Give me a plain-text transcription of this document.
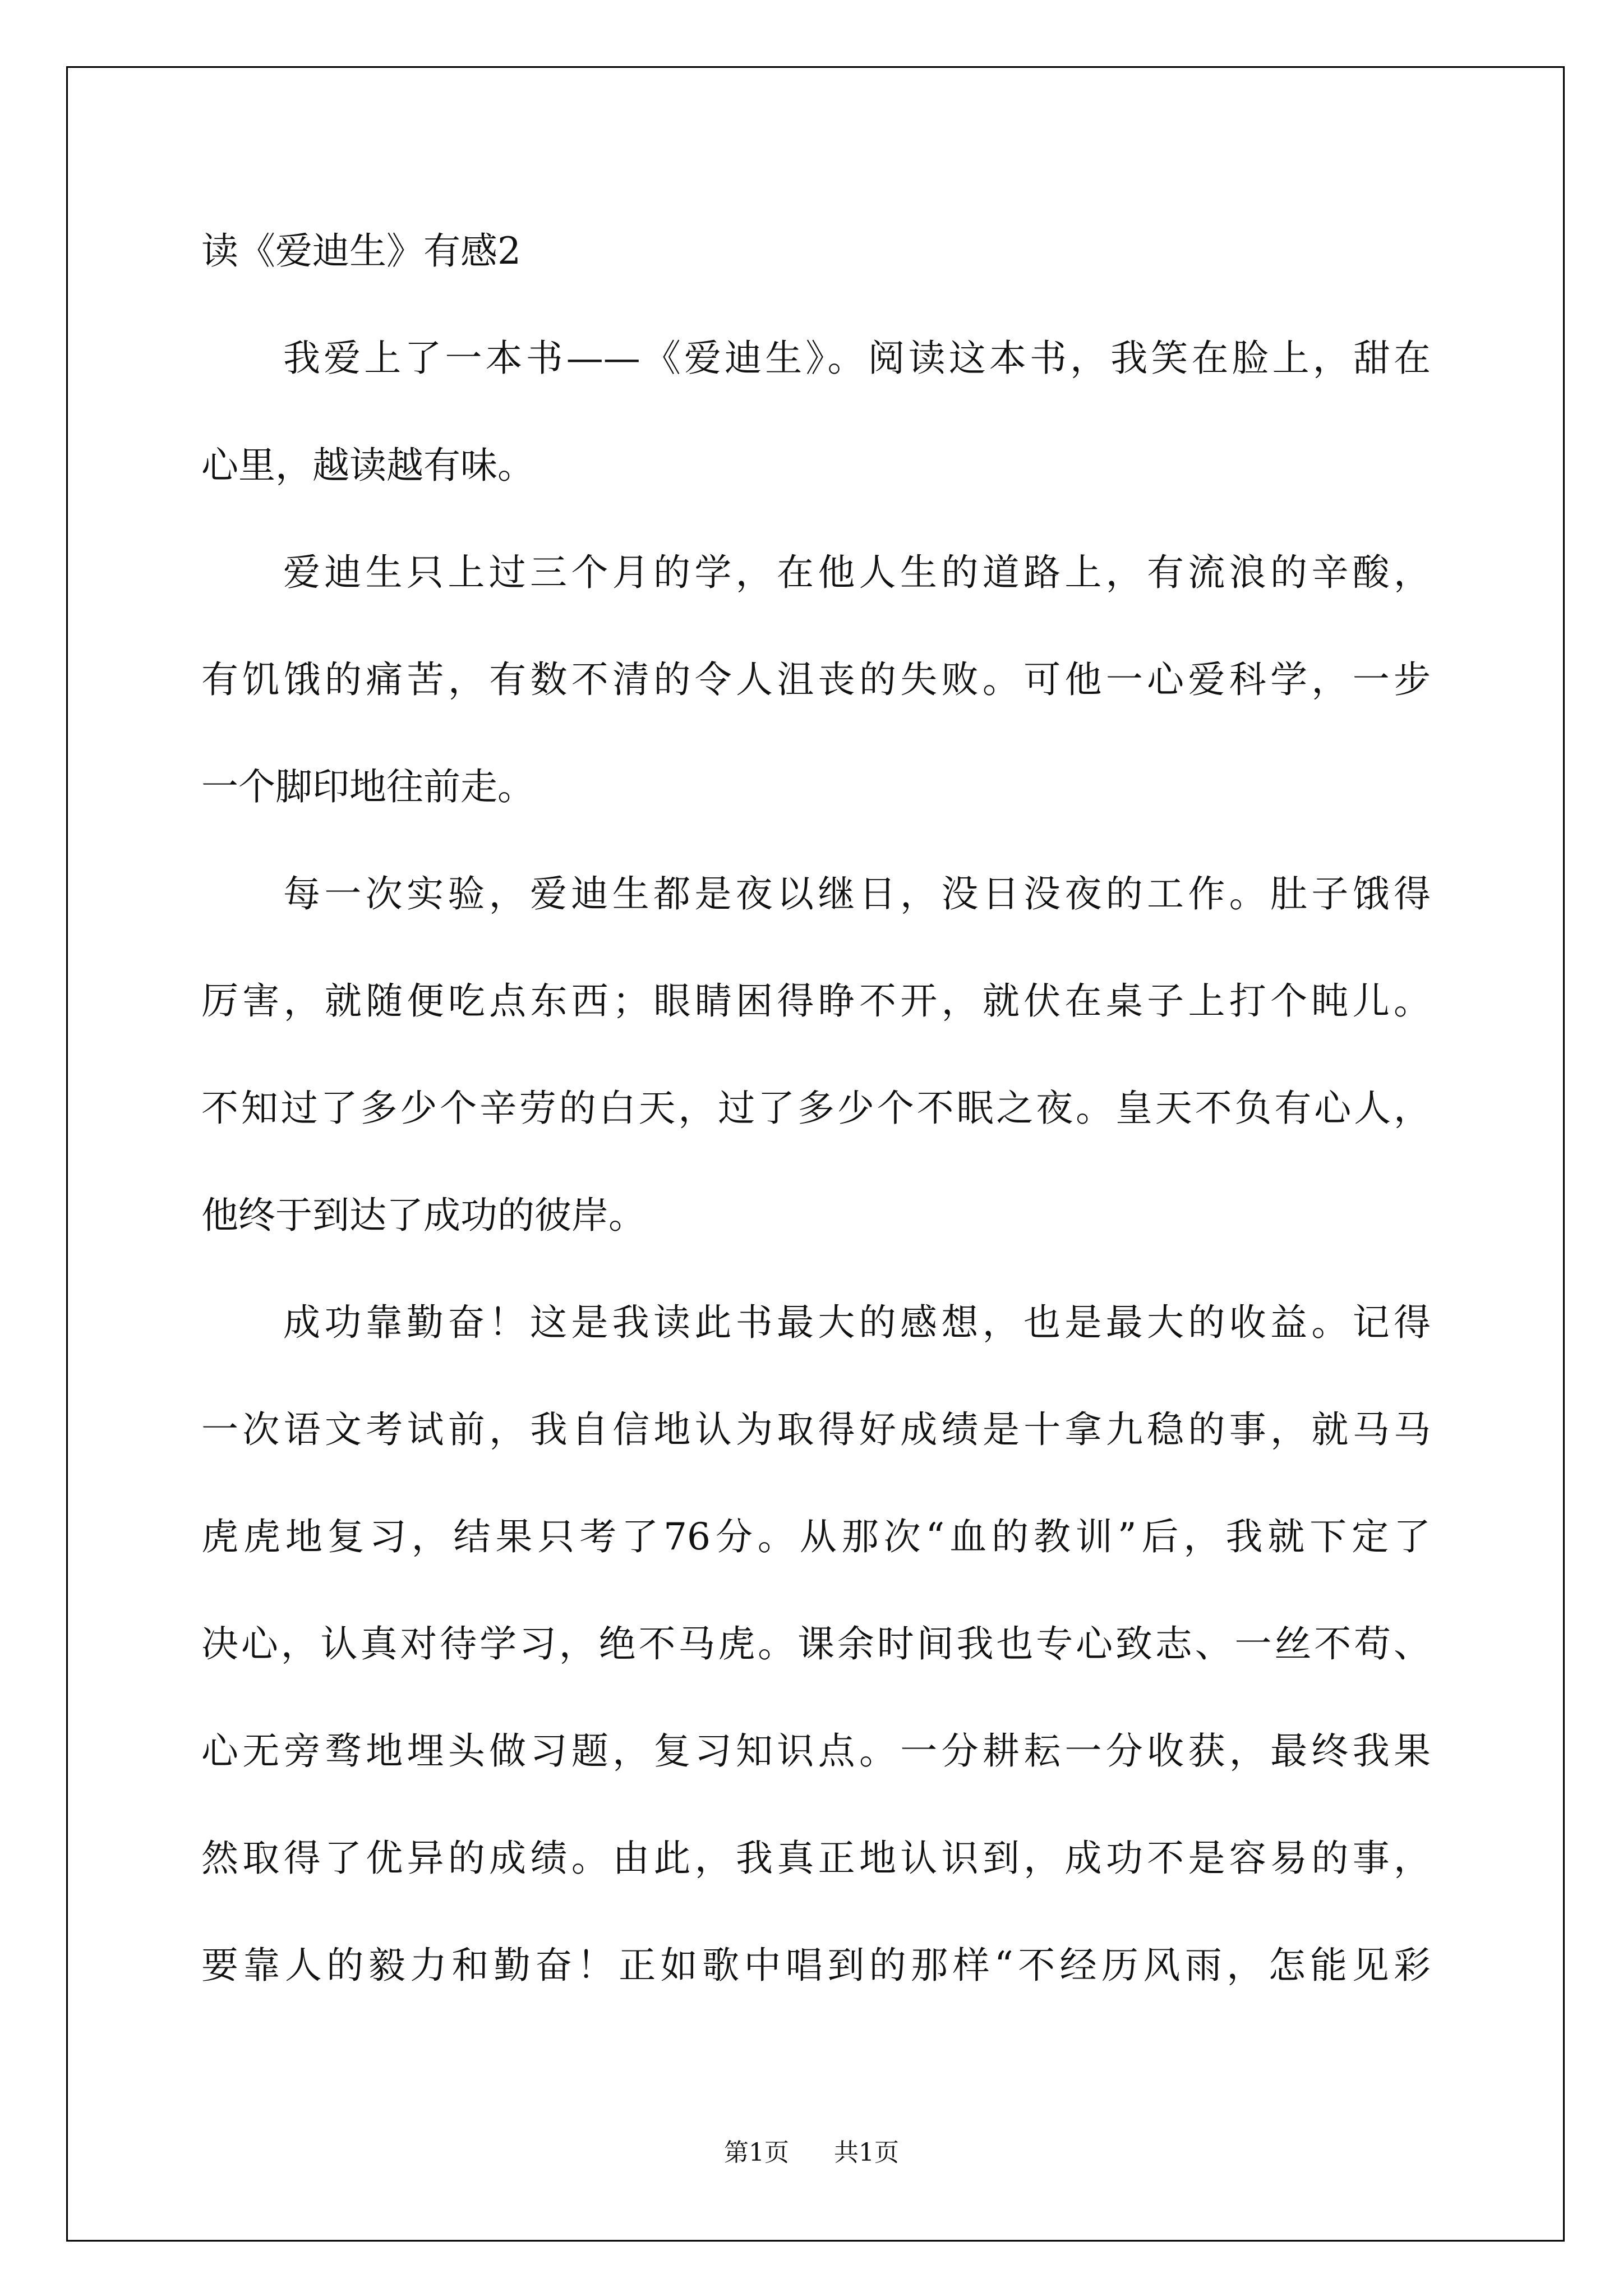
读《爱迪生》有感2
我爱上了一本书——《爱迪生》。阅读这本书，我笑在脸上，甜在
心里，越读越有味。
爱迪生只上过三个月的学，在他人生的道路上，有流浪的辛酸，
有饥饿的痛苦，有数不清的令人沮丧的失败。可他一心爱科学，一步
一个脚印地往前走。
每一次实验，爱迪生都是夜以继日，没日没夜的工作。肚子饿得
厉害，就随便吃点东西；眼睛困得睁不开，就伏在桌子上打个盹儿。
不知过了多少个辛劳的白天，过了多少个不眠之夜。皇天不负有心人，
他终于到达了成功的彼岸。
成功靠勤奋！这是我读此书最大的感想，也是最大的收益。记得
一次语文考试前，我自信地认为取得好成绩是十拿九稳的事，就马马
虎虎地复习，结果只考了76分。从那次“血的教训”后，我就下定了
决心，认真对待学习，绝不马虎。课余时间我也专心致志、一丝不苟、
心无旁骛地埋头做习题，复习知识点。一分耕耘一分收获，最终我果
然取得了优异的成绩。由此，我真正地认识到，成功不是容易的事，
要靠人的毅力和勤奋！正如歌中唱到的那样“不经历风雨，怎能见彩
第1页 共1页
